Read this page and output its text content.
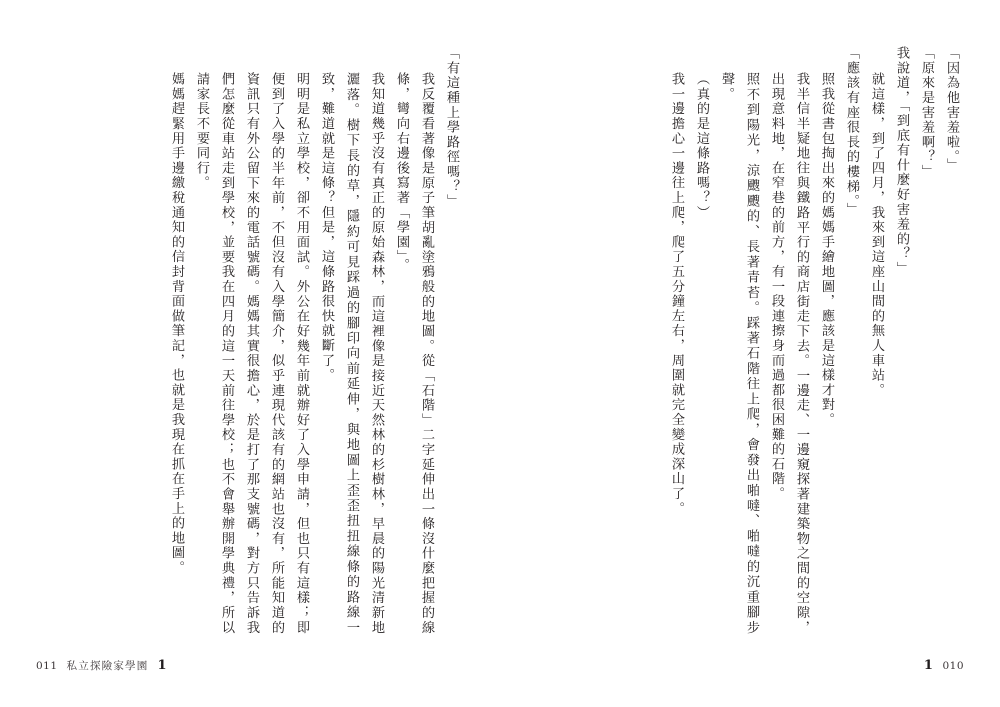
「因為他害羞啦。」

「原來是害羞啊？」

我說道，「到底有什麼好害羞的？」

就這樣，到了四月，我來到這座山間的無人車站。

「應該有座很長的樓梯。」

照我從書包掏出來的媽媽手繪地圖，應該是這樣才對。

我半信半疑地往與鐵路平行的商店街走下去。一邊走、一邊窺探著建築物之間的空隙，出現意料地，在窄巷的前方，有一段連擦身而過都很困難的石階。

照不到陽光，涼颼颼的、長著青苔。踩著石階往上爬，會發出啪噠、啪噠的沉重腳步聲。

（真的是這條路嗎？）

我一邊擔心一邊往上爬，爬了五分鐘左右，周圍就完全變成深山了。

1 010

「有這種上學路徑嗎？」

我反覆看著像是原子筆胡亂塗鴉般的地圖。從「石階」二字延伸出一條沒什麼把握的線條，彎向右邊後寫著「學園」。

我知道幾乎沒有真正的原始森林，而這裡像是接近天然林的杉樹林，早晨的陽光清新地灑落。樹下長的草，隱約可見踩過的腳印向前延伸，與地圖上歪歪扭扭線條的路線一致，難道就是這條？但是，這條路很快就斷了。

明明是私立學校，卻不用面試。外公在好幾年前就辦好了入學申請，但也只有這樣；即便到了入學的半年前，不但沒有入學簡介，似乎連現代該有的網站也沒有，所能知道的資訊只有外公留下來的電話號碼。媽媽其實很擔心，於是打了那支號碼，對方只告訴我們怎麼從車站走到學校，並要我在四月的這一天前往學校；也不會舉辦開學典禮，所以請家長不要同行。

媽媽趕緊用手邊繳稅通知的信封背面做筆記，也就是我現在抓在手上的地圖。

011 私立探險家學園 1
